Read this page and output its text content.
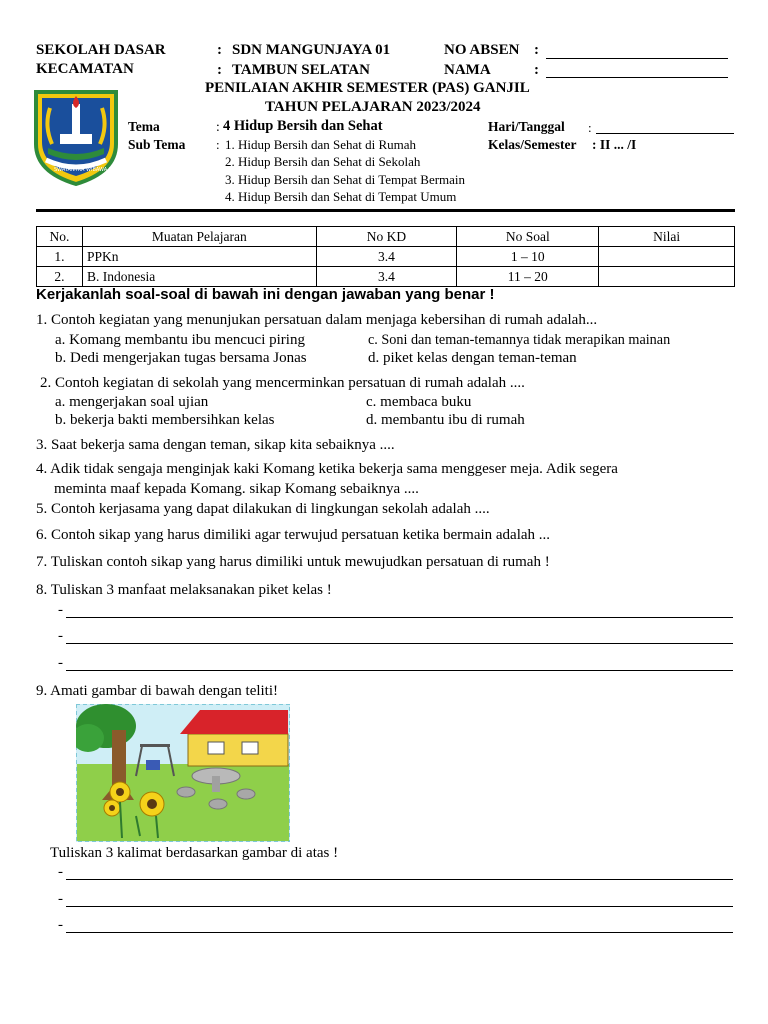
SEKOLAH DASAR	: SDN MANGUNJAYA 01
KECAMATAN	: TAMBUN SELATAN
NO ABSEN :
NAMA	:
PENILAIAN AKHIR SEMESTER (PAS) GANJIL
TAHUN PELAJARAN 2023/2024
SWATANTRA WIBAWA MUKTI
Tema	: 4 Hidup Bersih dan Sehat
Sub Tema : 1. Hidup Bersih dan Sehat di Rumah
2. Hidup Bersih dan Sehat di Sekolah
3. Hidup Bersih dan Sehat di Tempat Bermain
4. Hidup Bersih dan Sehat di Tempat Umum
Hari/Tanggal :
Kelas/Semester : II ... /I
No.	Muatan Pelajaran	No KD	No Soal	Nilai
1.	PPKn	3.4	1 – 10	
2.	B. Indonesia	3.4	11 – 20	
Kerjakanlah soal-soal di bawah ini dengan jawaban yang benar !
1. Contoh kegiatan yang menunjukan persatuan dalam menjaga kebersihan di rumah adalah...
a. Komang membantu ibu mencuci piring
b. Dedi mengerjakan tugas bersama Jonas
c. Soni dan teman-temannya tidak merapikan mainan
d. piket kelas dengan teman-teman
2. Contoh kegiatan di sekolah yang mencerminkan persatuan di rumah adalah ....
a. mengerjakan soal ujian
b. bekerja bakti membersihkan kelas
c. membaca buku
d. membantu ibu di rumah
3. Saat bekerja sama dengan teman, sikap kita sebaiknya ....
4. Adik tidak sengaja menginjak kaki Komang ketika bekerja sama menggeser meja. Adik segera
meminta maaf kepada Komang. sikap Komang sebaiknya ....
5. Contoh kerjasama yang dapat dilakukan di lingkungan sekolah adalah ....
6. Contoh sikap yang harus dimiliki agar terwujud persatuan ketika bermain adalah ...
7. Tuliskan contoh sikap yang harus dimiliki untuk mewujudkan persatuan di rumah !
8. Tuliskan 3 manfaat melaksanakan piket kelas !
-
-
-
9. Amati gambar di bawah dengan teliti!
Tuliskan 3 kalimat berdasarkan gambar di atas !
-
-
-
